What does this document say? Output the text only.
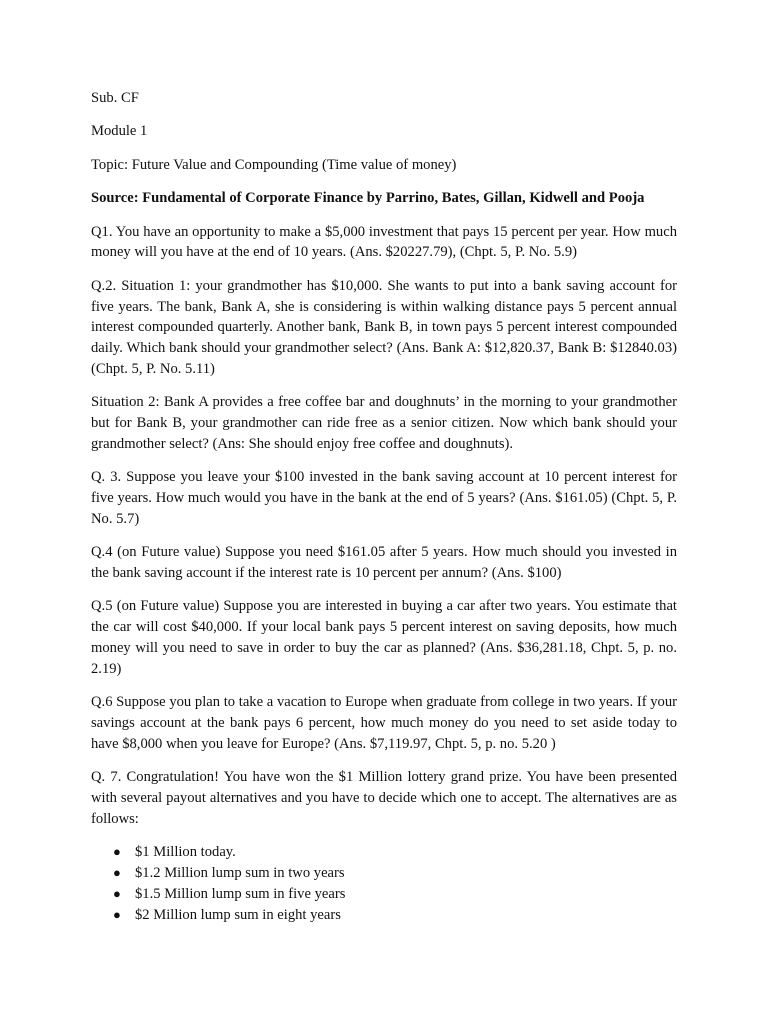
Sub. CF

Module 1

Topic: Future Value and Compounding (Time value of money)

Source: Fundamental of Corporate Finance by Parrino, Bates, Gillan, Kidwell and Pooja

Q1. You have an opportunity to make a $5,000 investment that pays 15 percent per year. How much money will you have at the end of 10 years. (Ans. $20227.79), (Chpt. 5, P. No. 5.9)

Q.2. Situation 1: your grandmother has $10,000. She wants to put into a bank saving account for five years. The bank, Bank A, she is considering is within walking distance pays 5 percent annual interest compounded quarterly. Another bank, Bank B, in town pays 5 percent interest compounded daily. Which bank should your grandmother select? (Ans. Bank A: $12,820.37, Bank B: $12840.03) (Chpt. 5, P. No. 5.11)

Situation 2: Bank A provides a free coffee bar and doughnuts’ in the morning to your grandmother but for Bank B, your grandmother can ride free as a senior citizen. Now which bank should your grandmother select? (Ans: She should enjoy free coffee and doughnuts).

Q. 3. Suppose you leave your $100 invested in the bank saving account at 10 percent interest for five years. How much would you have in the bank at the end of 5 years? (Ans. $161.05) (Chpt. 5, P. No. 5.7)

Q.4 (on Future value) Suppose you need $161.05 after 5 years. How much should you invested in the bank saving account if the interest rate is 10 percent per annum? (Ans. $100)

Q.5 (on Future value) Suppose you are interested in buying a car after two years. You estimate that the car will cost $40,000. If your local bank pays 5 percent interest on saving deposits, how much money will you need to save in order to buy the car as planned? (Ans. $36,281.18, Chpt. 5, p. no. 2.19)

Q.6 Suppose you plan to take a vacation to Europe when graduate from college in two years. If your savings account at the bank pays 6 percent, how much money do you need to set aside today to have $8,000 when you leave for Europe? (Ans. $7,119.97, Chpt. 5, p. no. 5.20 )

Q. 7. Congratulation! You have won the $1 Million lottery grand prize. You have been presented with several payout alternatives and you have to decide which one to accept. The alternatives are as follows:

● $1 Million today.
● $1.2 Million lump sum in two years
● $1.5 Million lump sum in five years
● $2 Million lump sum in eight years
